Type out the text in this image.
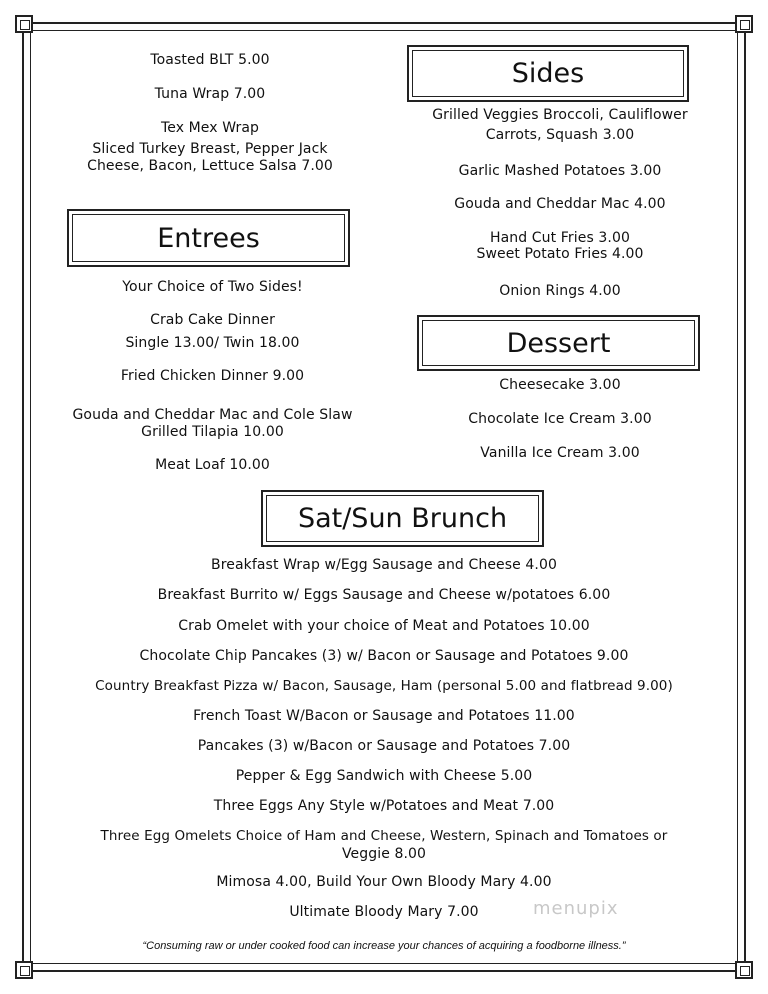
Toasted BLT 5.00
Tuna Wrap 7.00
Tex Mex Wrap
Sliced Turkey Breast, Pepper Jack
Cheese, Bacon, Lettuce Salsa 7.00
Sides
Grilled Veggies Broccoli, Cauliflower
Carrots, Squash 3.00
Garlic Mashed Potatoes 3.00
Gouda and Cheddar Mac 4.00
Hand Cut Fries 3.00
Sweet Potato Fries 4.00
Onion Rings 4.00
Entrees
Your Choice of Two Sides!
Crab Cake Dinner
Single 13.00/ Twin 18.00
Fried Chicken Dinner 9.00
Gouda and Cheddar Mac and Cole Slaw
Grilled Tilapia 10.00
Meat Loaf 10.00
Dessert
Cheesecake 3.00
Chocolate Ice Cream 3.00
Vanilla Ice Cream 3.00
Sat/Sun Brunch
Breakfast Wrap w/Egg Sausage and Cheese 4.00
Breakfast Burrito w/ Eggs Sausage and Cheese w/potatoes 6.00
Crab Omelet with your choice of Meat and Potatoes 10.00
Chocolate Chip Pancakes (3) w/ Bacon or Sausage and Potatoes 9.00
Country Breakfast Pizza w/ Bacon, Sausage, Ham (personal 5.00 and flatbread 9.00)
French Toast W/Bacon or Sausage and Potatoes 11.00
Pancakes (3) w/Bacon or Sausage and Potatoes 7.00
Pepper & Egg Sandwich with Cheese 5.00
Three Eggs Any Style w/Potatoes and Meat 7.00
Three Egg Omelets Choice of Ham and Cheese, Western, Spinach and Tomatoes or
Veggie 8.00
Mimosa 4.00, Build Your Own Bloody Mary 4.00
Ultimate Bloody Mary 7.00	menupix
“Consuming raw or under cooked food can increase your chances of acquiring a foodborne illness.”
